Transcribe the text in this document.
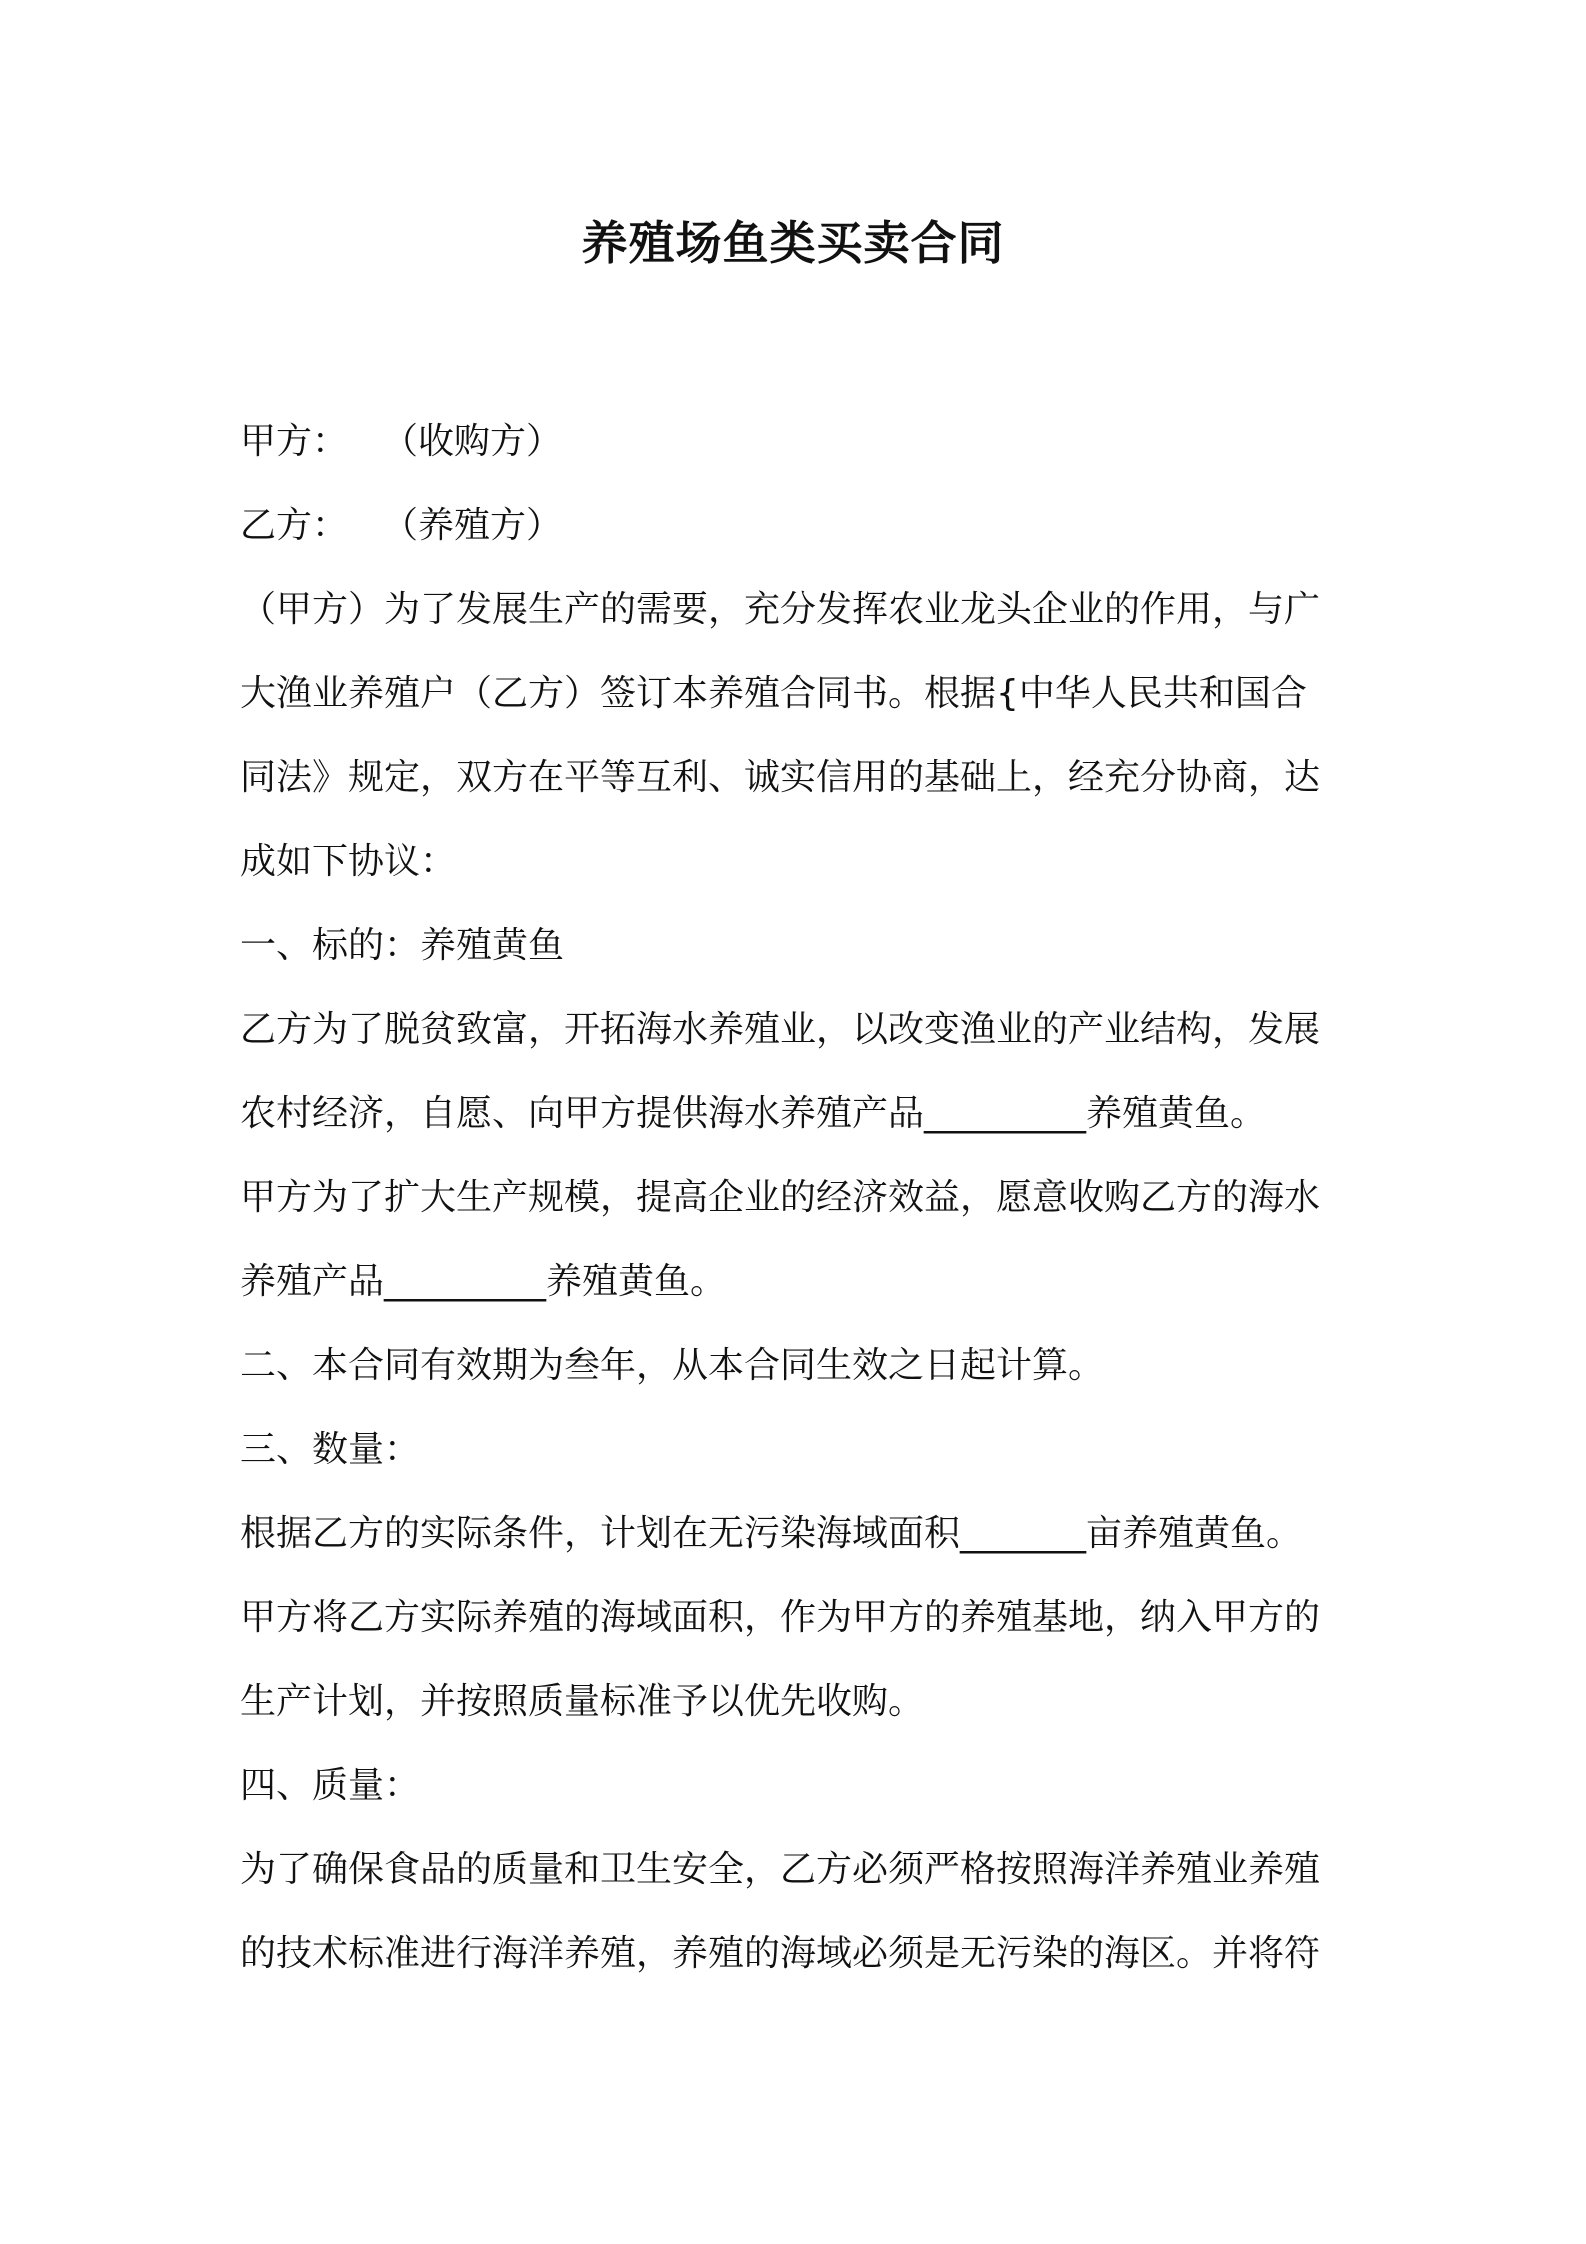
养殖场鱼类买卖合同
甲方： （收购方）
乙方： （养殖方）
（甲方）为了发展生产的需要，充分发挥农业龙头企业的作用，与广
大渔业养殖户（乙方）签订本养殖合同书。根据{中华人民共和国合
同法》规定，双方在平等互利、诚实信用的基础上，经充分协商，达
成如下协议：
一、标的：养殖黄鱼
乙方为了脱贫致富，开拓海水养殖业，以改变渔业的产业结构，发展
农村经济，自愿、向甲方提供海水养殖产品_________养殖黄鱼。
甲方为了扩大生产规模，提高企业的经济效益，愿意收购乙方的海水
养殖产品_________养殖黄鱼。
二、本合同有效期为叁年，从本合同生效之日起计算。
三、数量：
根据乙方的实际条件，计划在无污染海域面积_______亩养殖黄鱼。
甲方将乙方实际养殖的海域面积，作为甲方的养殖基地，纳入甲方的
生产计划，并按照质量标准予以优先收购。
四、质量：
为了确保食品的质量和卫生安全，乙方必须严格按照海洋养殖业养殖
的技术标准进行海洋养殖，养殖的海域必须是无污染的海区。并将符
